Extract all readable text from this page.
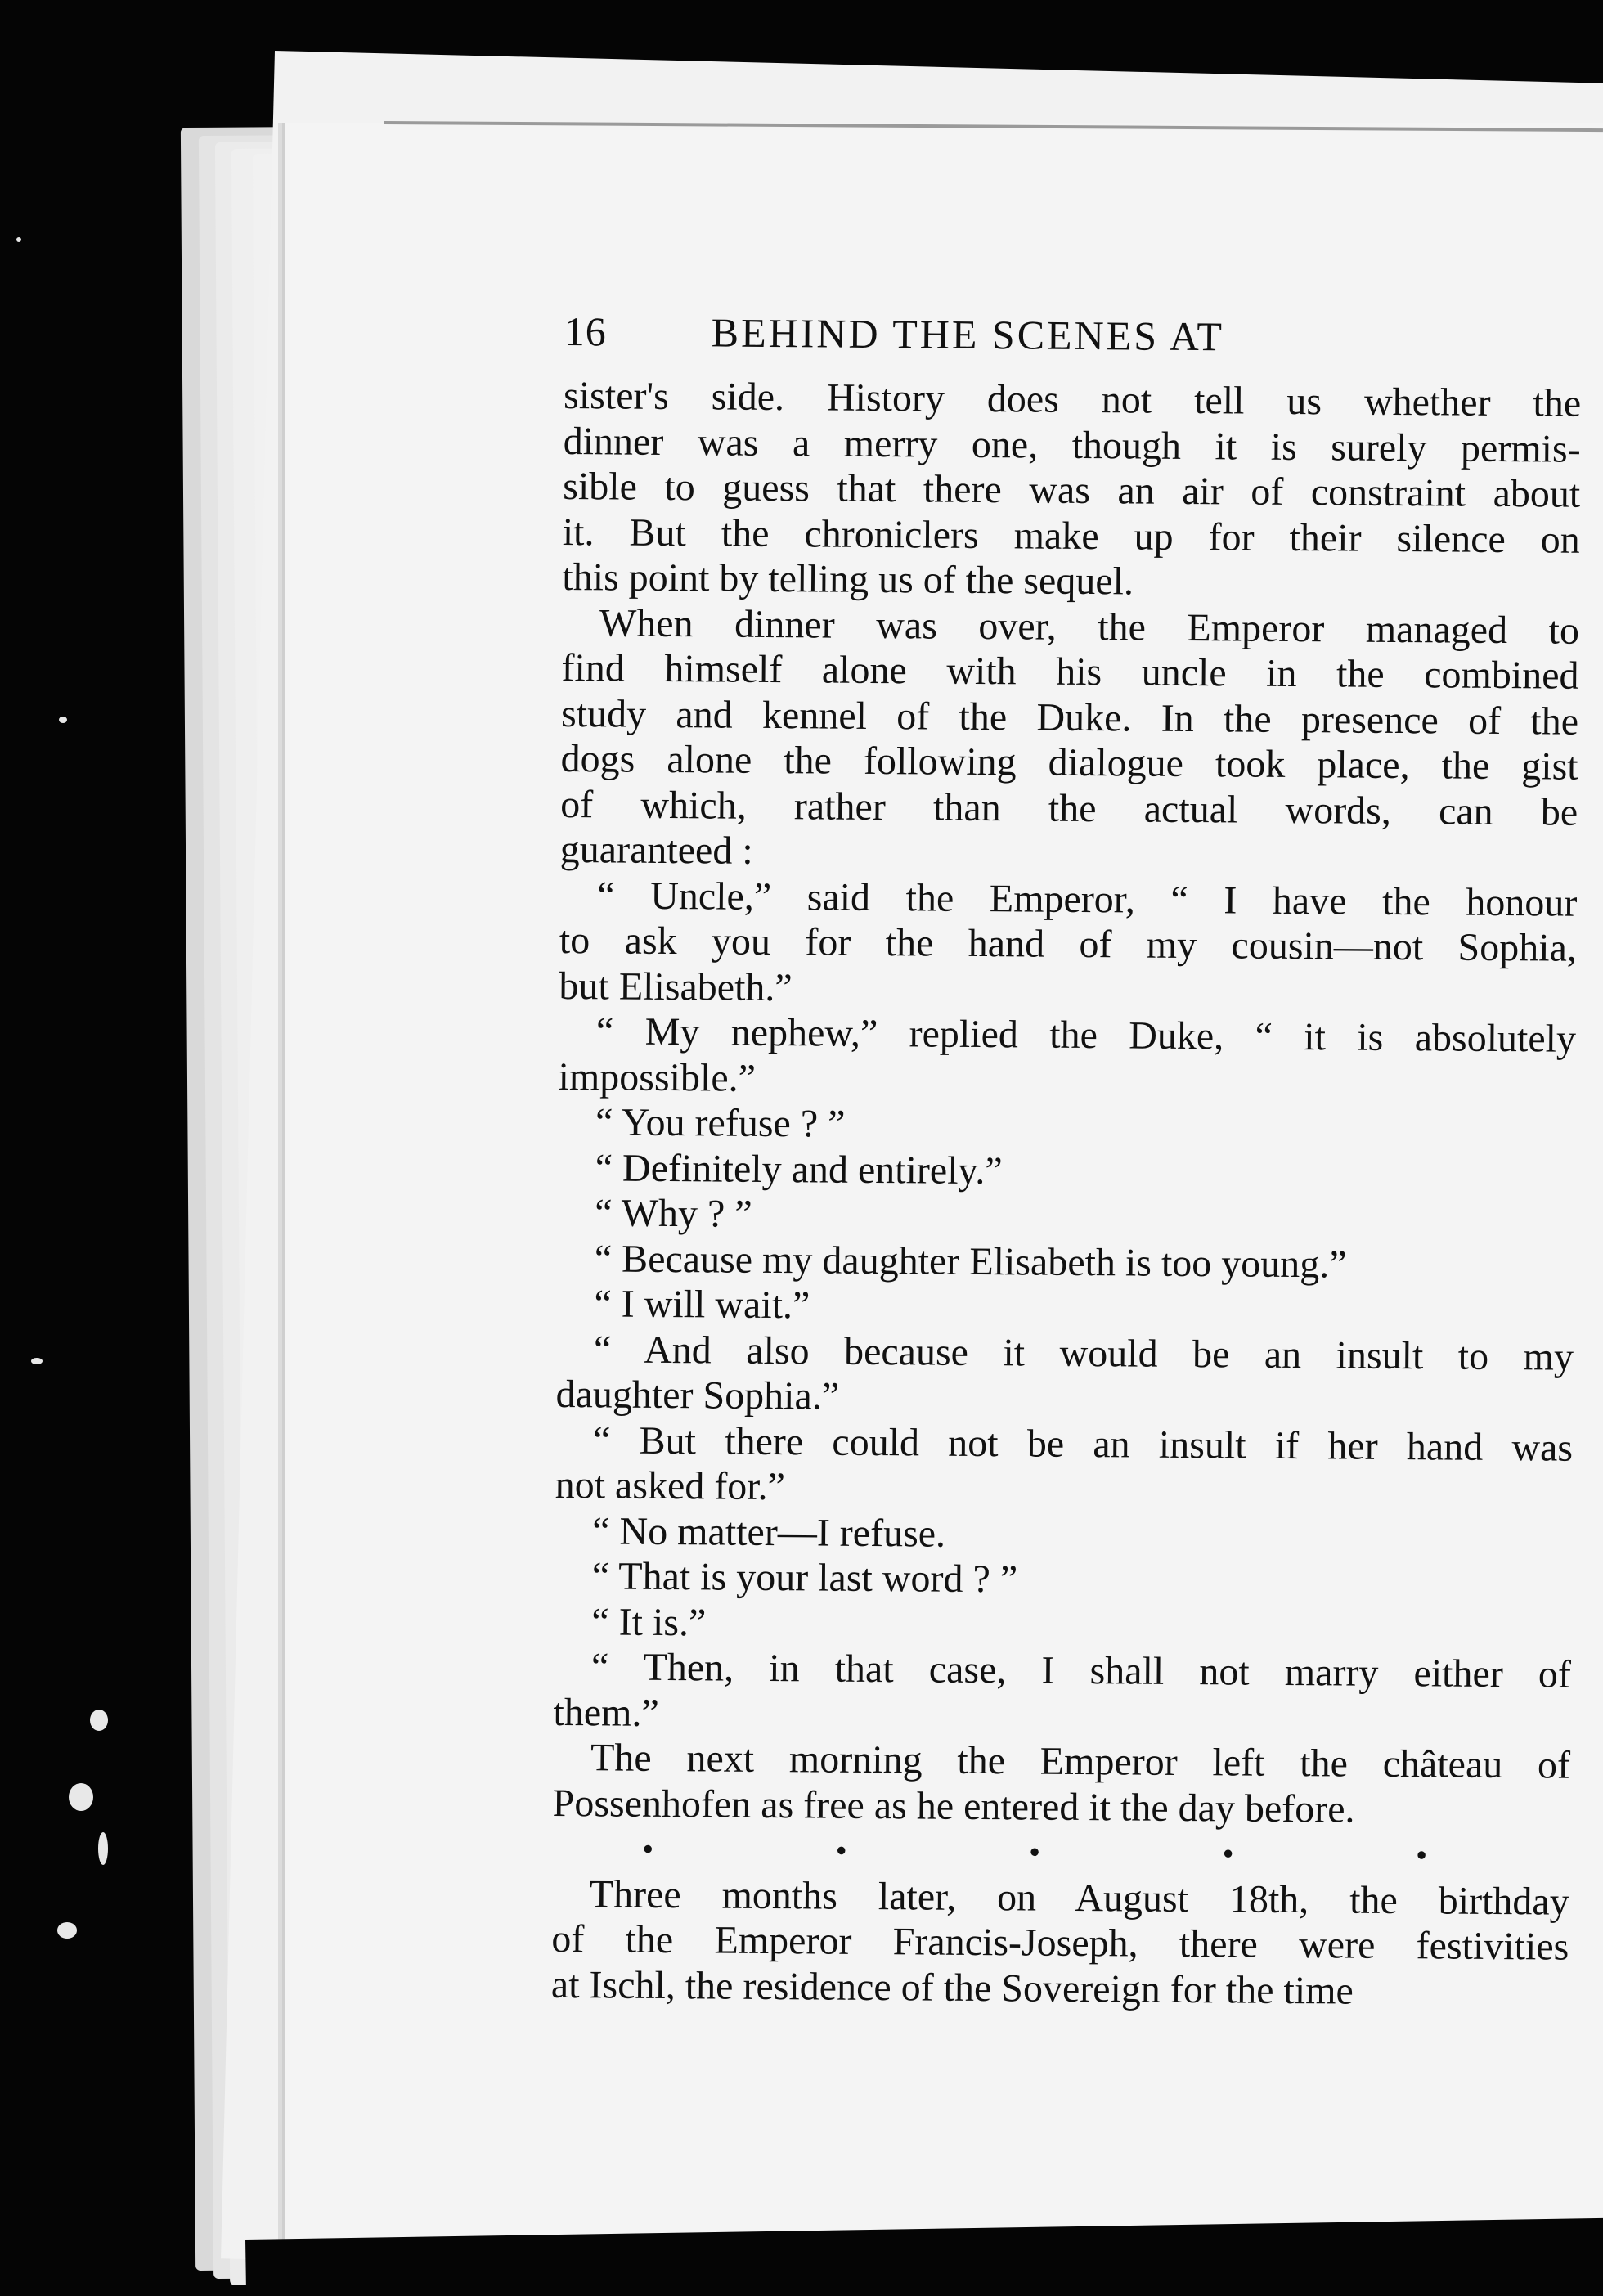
16	BEHIND THE SCENES AT

sister's side. History does not tell us whether the

dinner was a merry one, though it is surely permis-

sible to guess that there was an air of constraint about

it. But the chroniclers make up for their silence on

this point by telling us of the sequel.

When dinner was over, the Emperor managed to

find himself alone with his uncle in the combined

study and kennel of the Duke. In the presence of the

dogs alone the following dialogue took place, the gist

of which, rather than the actual words, can be

guaranteed :

“ Uncle,” said the Emperor, “ I have the honour

to ask you for the hand of my cousin—not Sophia,

but Elisabeth.”

“ My nephew,” replied the Duke, “ it is absolutely

impossible.”

“ You refuse ? ”

“ Definitely and entirely.”

“ Why ? ”

“ Because my daughter Elisabeth is too young.”

“ I will wait.”

“ And also because it would be an insult to my

daughter Sophia.”

“ But there could not be an insult if her hand was

not asked for.”

“ No matter—I refuse.

“ That is your last word ? ”

“ It is.”

“ Then, in that case, I shall not marry either of

them.”

The next morning the Emperor left the château of

Possenhofen as free as he entered it the day before.

•	•	•	•	•

Three months later, on August 18th, the birthday

of the Emperor Francis-Joseph, there were festivities

at Ischl, the residence of the Sovereign for the time
